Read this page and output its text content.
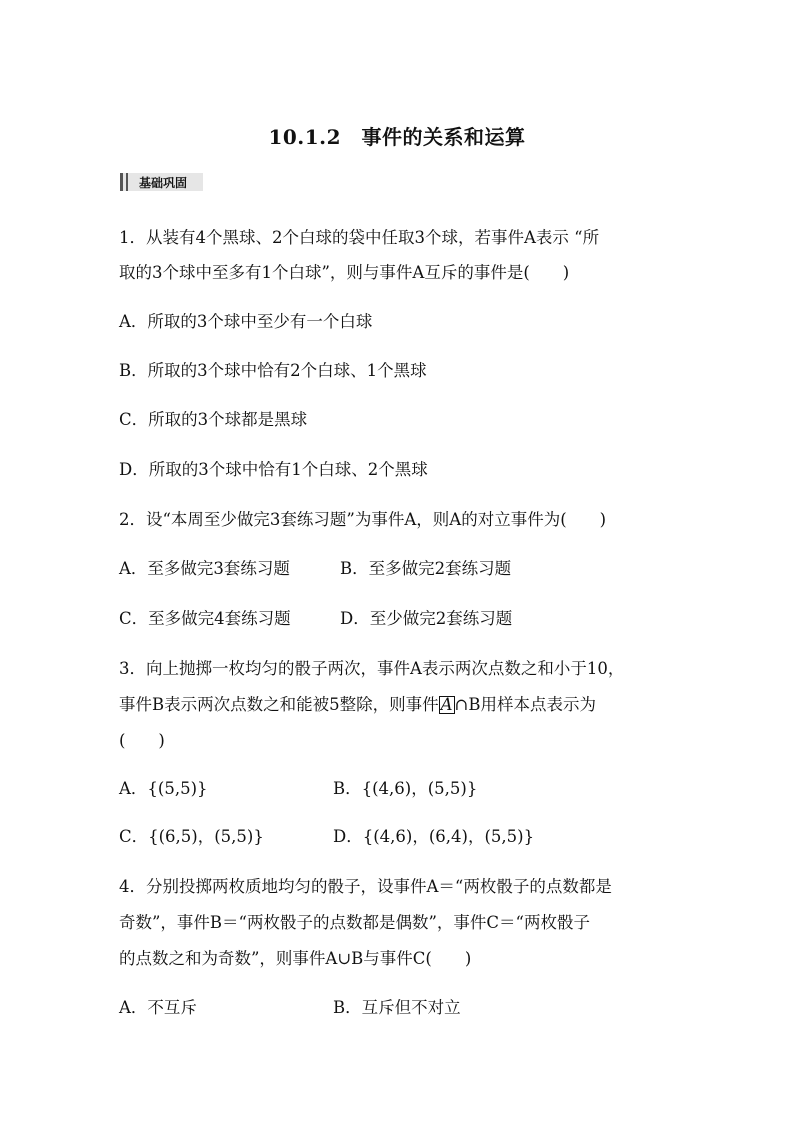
10.1.2　事件的关系和运算
基础巩固
1．从装有4个黑球、2个白球的袋中任取3个球，若事件A表示 “所
取的3个球中至多有1个白球”，则与事件A互斥的事件是(　　)
A．所取的3个球中至少有一个白球
B．所取的3个球中恰有2个白球、1个黑球
C．所取的3个球都是黑球
D．所取的3个球中恰有1个白球、2个黑球
2．设“本周至少做完3套练习题”为事件A，则A的对立事件为(　　)
A．至多做完3套练习题	B．至多做完2套练习题
C．至多做完4套练习题	D．至少做完2套练习题
3．向上抛掷一枚均匀的骰子两次，事件A表示两次点数之和小于10，
事件B表示两次点数之和能被5整除，则事件 A ∩B用样本点表示为
(　　)
A．{(5,5)}	B．{(4,6)，(5,5)}
C．{(6,5)，(5,5)}	D．{(4,6)，(6,4)，(5,5)}
4．分别投掷两枚质地均匀的骰子，设事件A＝“两枚骰子的点数都是
奇数”，事件B＝“两枚骰子的点数都是偶数”，事件C＝“两枚骰子
的点数之和为奇数”，则事件A∪B与事件C(　　)
A．不互斥	B．互斥但不对立
